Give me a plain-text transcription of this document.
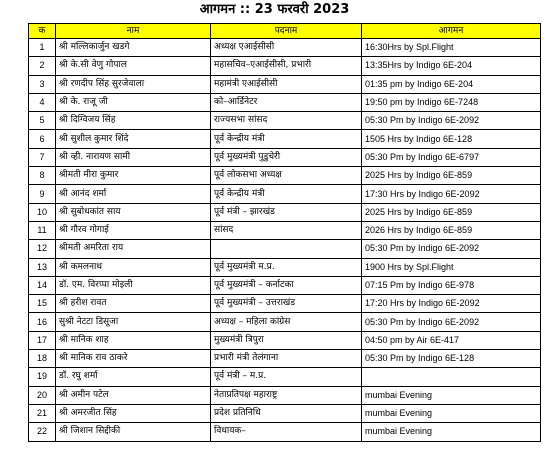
आगमन :: 23 फरवरी 2023
क	नाम	पदनाम	आगमन
1	श्री मल्लिकार्जुन खडगे	अध्यक्ष एआईसीसी	16:30Hrs by Spl.Flight
2	श्री के.सी वेणु गोपाल	महासचिव–एआईसीसी, प्रभारी	13:35Hrs by Indigo 6E-204
3	श्री रणदीप सिंह सुरजेवाला	महामंत्री एआईसीसी	01:35 pm by Indigo 6E-204
4	श्री के. राजू जी	को–आर्डिनेटर	19:50 pm by Indigo 6E-7248
5	श्री दिग्विजय सिंह	राज्यसभा सांसद	05:30 Pm by Indigo 6E-2092
6	श्री सुशील कुमार शिंदे	पूर्व केन्द्रीय मंत्री	1505 Hrs by Indigo 6E-128
7	श्री व्ही. नारायण सामी	पूर्व मुख्यमंत्री पुडुचेरी	05:30 Pm by Indigo 6E-6797
8	श्रीमती मीरा कुमार	पूर्व लोकसभा अध्यक्ष	2025 Hrs by Indigo 6E-859
9	श्री आनंद शर्मा	पूर्व केन्द्रीय मंत्री	17:30 Hrs by Indigo 6E-2092
10	श्री सुबोधकांत साय	पूर्व मंत्री – झारखंड	2025 Hrs by Indigo 6E-859
11	श्री गौरव गोगाई	सांसद	2026 Hrs by Indigo 6E-859
12	श्रीमती अमरिता राय		05:30 Pm by Indigo 6E-2092
13	श्री कमलनाथ	पूर्व मुख्यमंत्री म.प्र.	1900 Hrs by Spl.Flight
14	डॉ. एम. विरप्पा मोइली	पूर्व मुख्यमंत्री – कर्नाटका	07:15 Pm by Indigo 6E-978
15	श्री हरीश रावत	पूर्व मुख्यमंत्री – उत्तराखंड	17:20 Hrs by Indigo 6E-2092
16	सुश्री नेटटा डिसूजा	अध्यक्ष – महिला कांग्रेस	05:30 Pm by Indigo 6E-2092
17	श्री मानिक शाह	मुख्यमंत्री त्रिपुरा	04:50 pm by Air 6E-417
18	श्री मानिक राव ठाकरे	प्रभारी मंत्री तेलंगाना	05:30 Pm by Indigo 6E-128
19	डॉ. रघु शर्मा	पूर्व मंत्री – म.प्र.	
20	श्री अमीन पटेल	नेताप्रतिपक्ष महाराष्ट्र	mumbai Evening
21	श्री अमरजीत सिंह	प्रदेश प्रतिनिधि	mumbai Evening
22	श्री जिशान सिद्दीकी	विधायक–	mumbai Evening
